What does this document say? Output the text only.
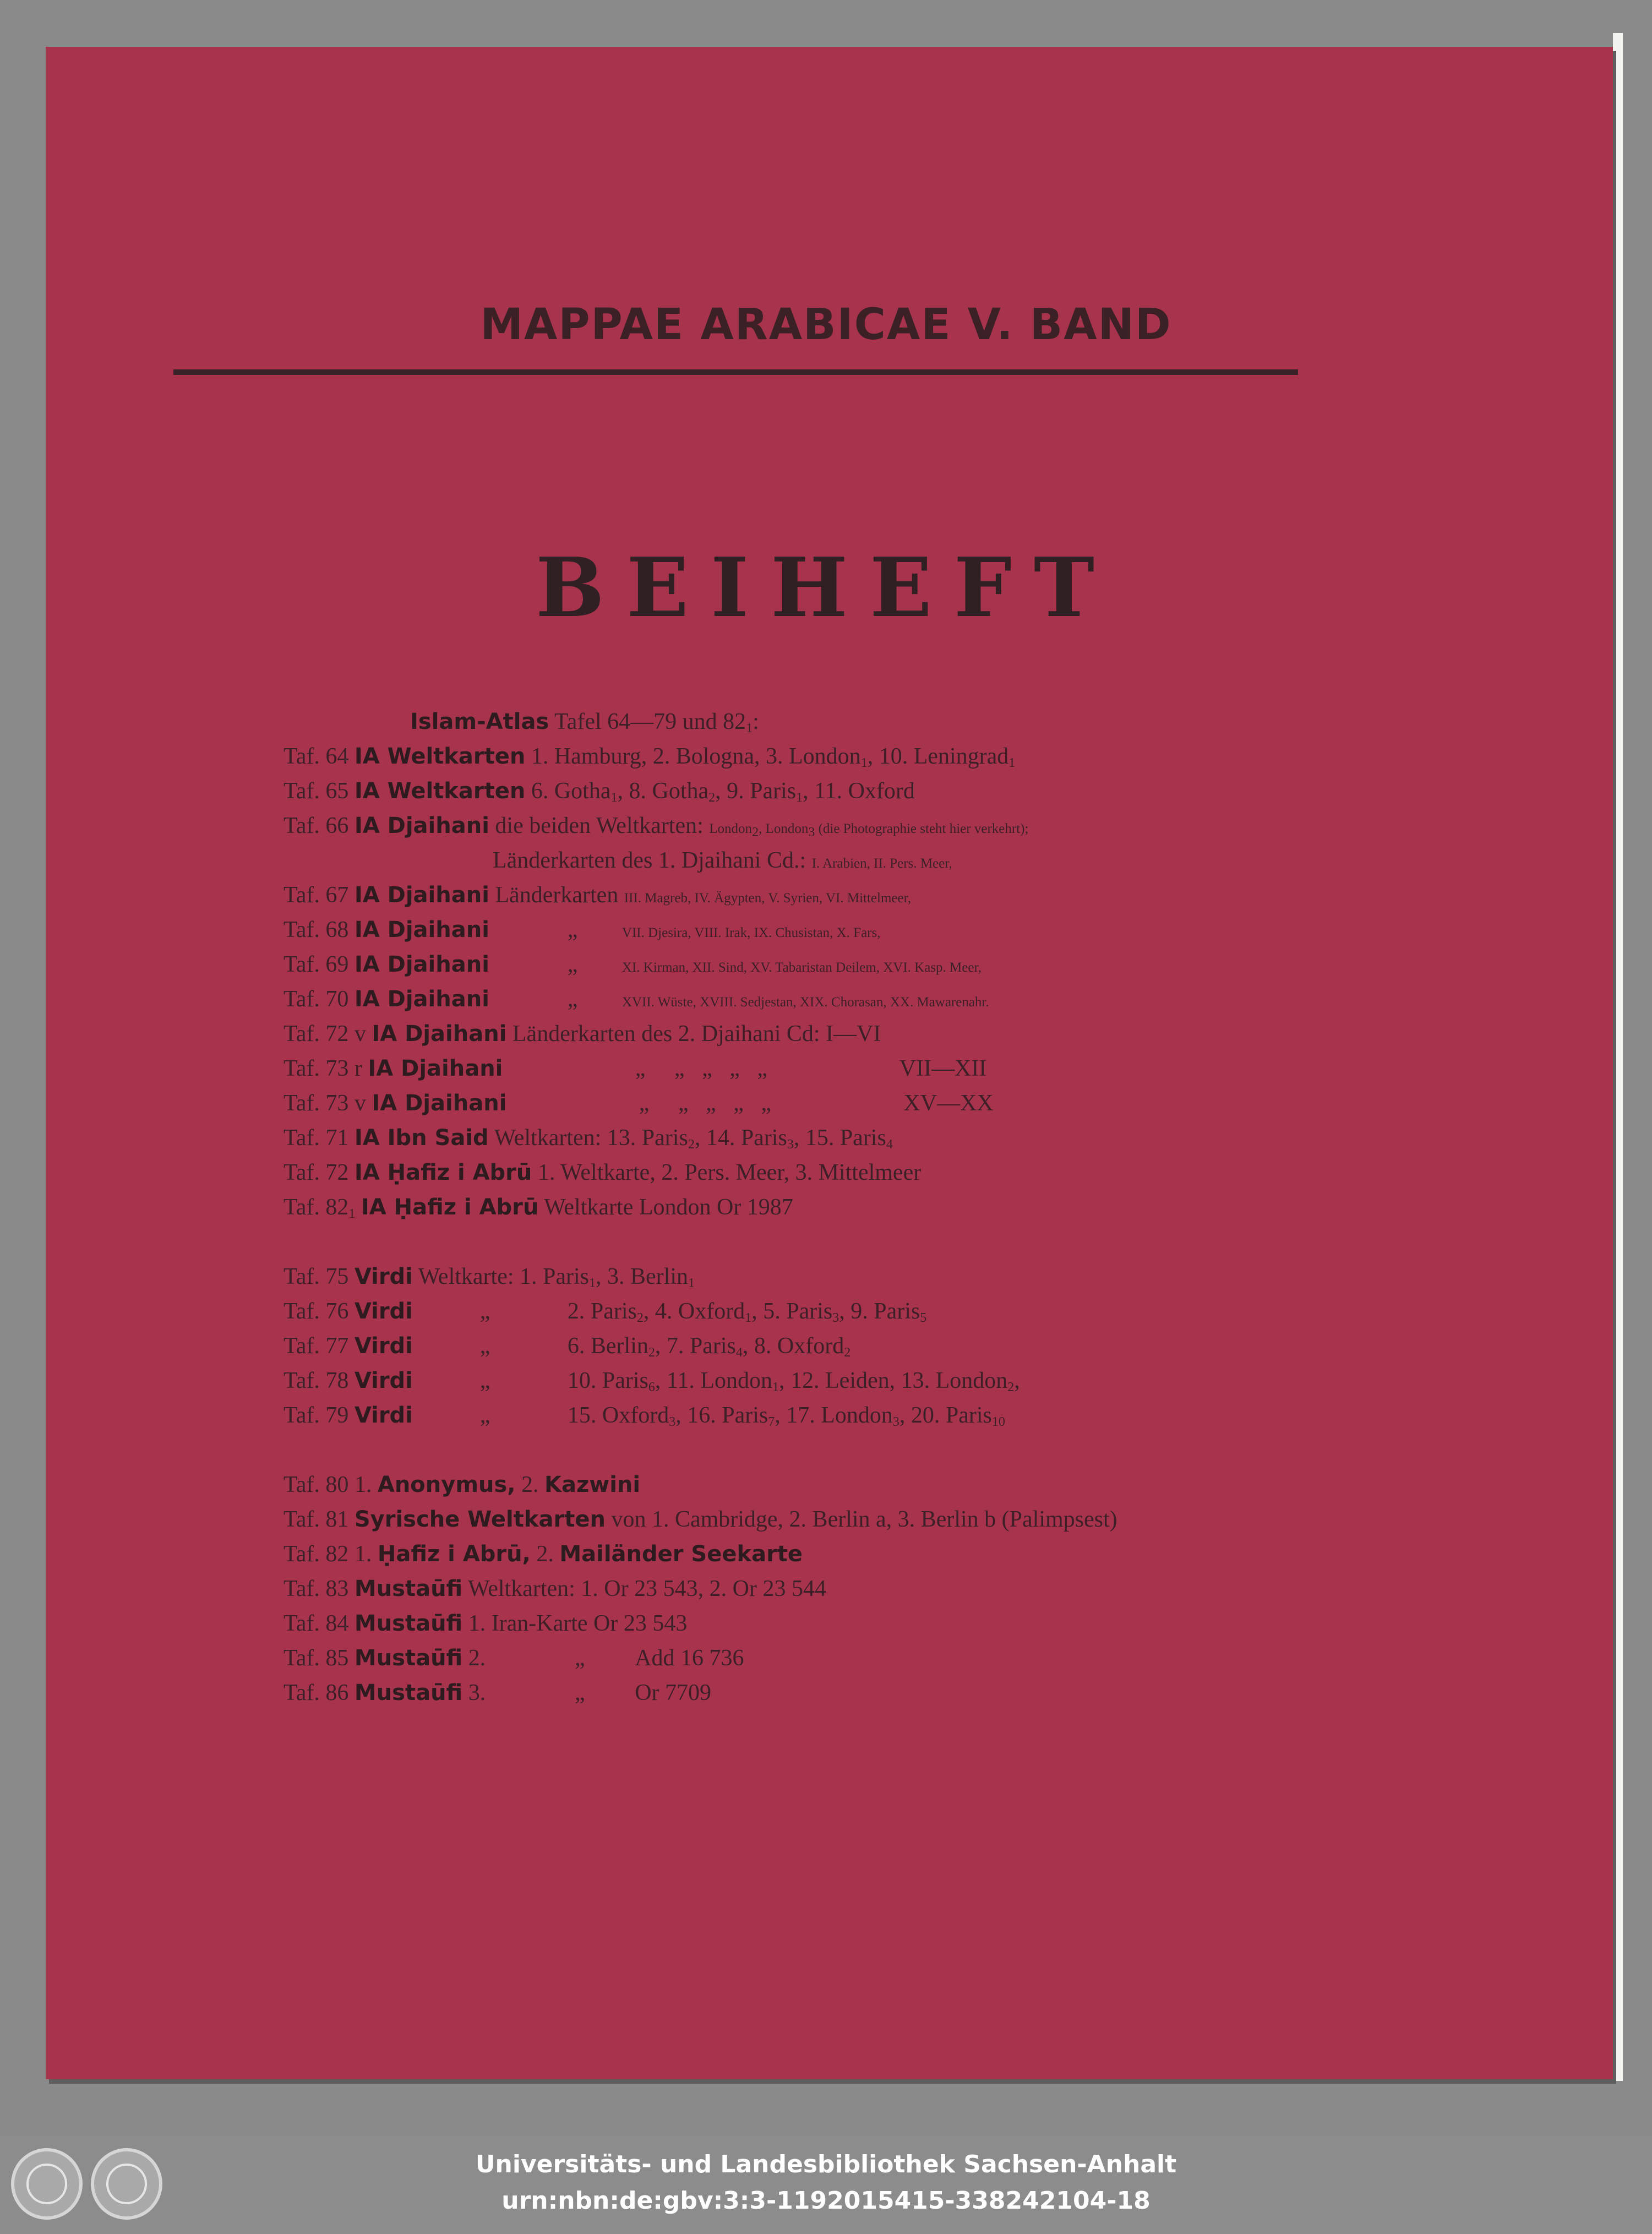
MAPPAE ARABICAE V. BAND
BEIHEFT
Islam-Atlas Tafel 64—79 und $82_1$:
Taf. 64 IA Weltkarten 1. Hamburg, 2. Bologna, 3. London$_1$, 10. Leningrad$_1$
Taf. 65 IA Weltkarten 6. Gotha$_1$, 8. Gotha$_2$, 9. Paris$_1$, 11. Oxford
Taf. 66 IA Djaihani die beiden Weltkarten: London$_2$, London$_3$ (die Photographie steht hier verkehrt);
Länderkarten des 1. Djaihani Cd.: I. Arabien, II. Pers. Meer,
Taf. 67 IA Djaihani Länderkarten III. Magreb, IV. Ägypten, V. Syrien, VI. Mittelmeer,
Taf. 68 IA Djaihani	„	VII. Djesira, VIII. Irak, IX. Chusistan, X. Fars,
Taf. 69 IA Djaihani	„	XI. Kirman, XII. Sind, XV. Tabaristan Deilem, XVI. Kasp. Meer,
Taf. 70 IA Djaihani	„	XVII. Wüste, XVIII. Sedjestan, XIX. Chorasan, XX. Mawarenahr.
Taf. 72 v IA Djaihani Länderkarten des 2. Djaihani Cd: I—VI
Taf. 73 r IA Djaihani	„     „   „   „   „	VII—XII
Taf. 73 v IA Djaihani	„     „   „   „   „	XV—XX
Taf. 71 IA Ibn Said Weltkarten: 13. Paris$_2$, 14. Paris$_3$, 15. Paris$_4$
Taf. 72 IA Ḥafiz i Abrū 1. Weltkarte, 2. Pers. Meer, 3. Mittelmeer
Taf. $82_1$ IA Ḥafiz i Abrū Weltkarte London Or 1987
Taf. 75 Virdi Weltkarte: 1. Paris$_1$, 3. Berlin$_1$
Taf. 76 Virdi	„	2. Paris$_2$, 4. Oxford$_1$, 5. Paris$_3$, 9. Paris$_5$
Taf. 77 Virdi	„	6. Berlin$_2$, 7. Paris$_4$, 8. Oxford$_2$
Taf. 78 Virdi	„	10. Paris$_6$, 11. London$_1$, 12. Leiden, 13. London$_2$,
Taf. 79 Virdi	„	15. Oxford$_3$, 16. Paris$_7$, 17. London$_3$, 20. Paris$_{10}$
Taf. 80 1. Anonymus, 2. Kazwini
Taf. 81 Syrische Weltkarten von 1. Cambridge, 2. Berlin a, 3. Berlin b (Palimpsest)
Taf. 82 1. Ḥafiz i Abrū, 2. Mailänder Seekarte
Taf. 83 Mustaūfi Weltkarten: 1. Or 23 543, 2. Or 23 544
Taf. 84 Mustaūfi 1. Iran-Karte Or 23 543
Taf. 85 Mustaūfi 2.	„ Add 16 736
Taf. 86 Mustaūfi 3.	„ Or 7709
Universitäts- und Landesbibliothek Sachsen-Anhalt
urn:nbn:de:gbv:3:3-1192015415-338242104-18
